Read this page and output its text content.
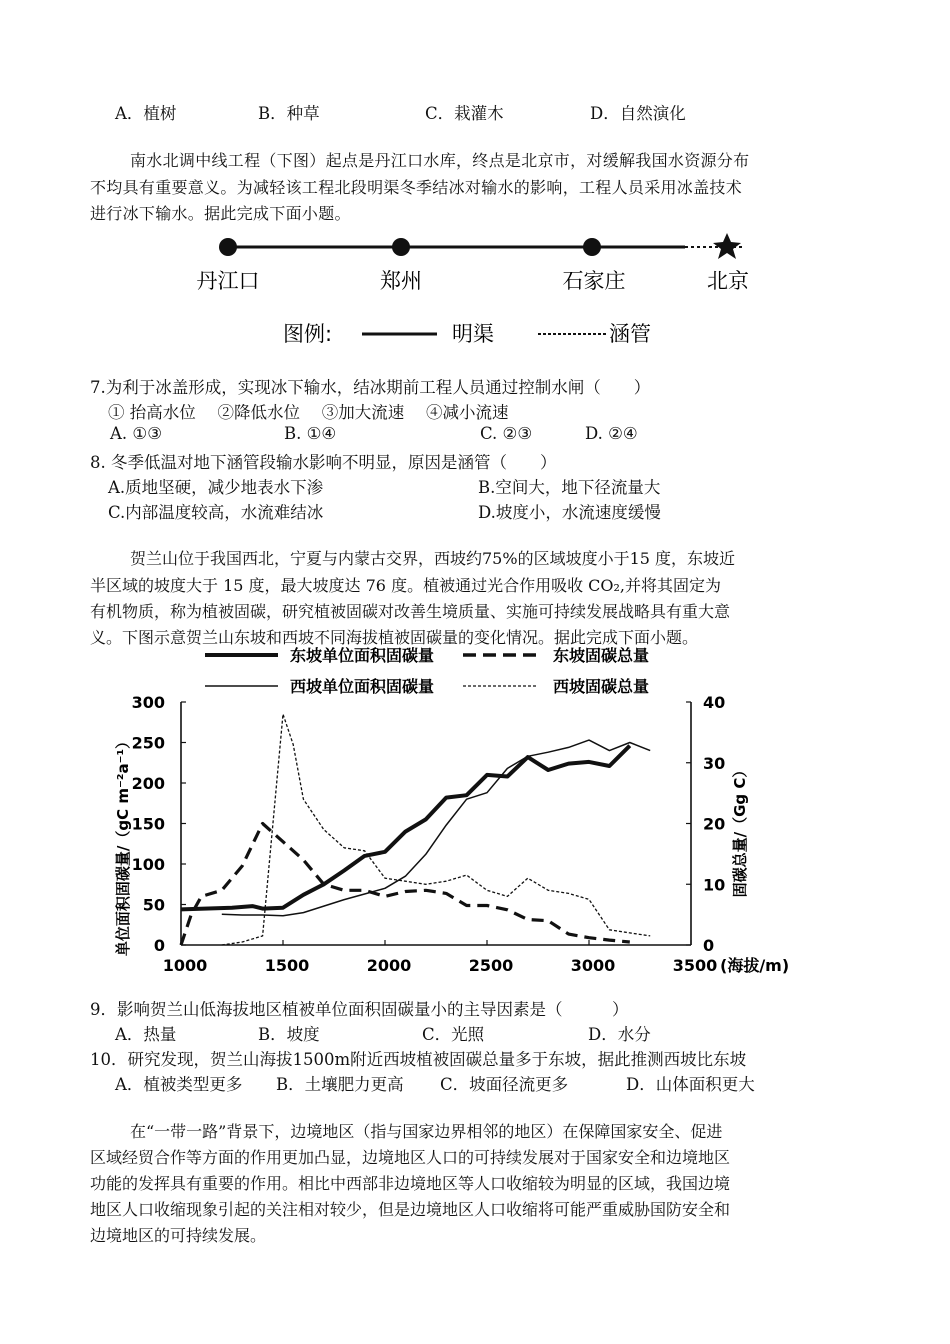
A．植树	B．种草	C．栽灌木	D．自然演化
南水北调中线工程（下图）起点是丹江口水库，终点是北京市，对缓解我国水资源分布
不均具有重要意义。为减轻该工程北段明渠冬季结冰对输水的影响，工程人员采用冰盖技术
进行冰下输水。据此完成下面小题。
丹江口	郑州	石家庄	北京
图例:	明渠	涵管
7.为利于冰盖形成，实现冰下输水，结冰期前工程人员通过控制水闸（　　）
① 抬高水位　 ②降低水位　 ③加大流速　 ④减小流速
A. ①③	B. ①④	C. ②③	D. ②④
8. 冬季低温对地下涵管段输水影响不明显，原因是涵管（　　）
A.质地坚硬，减少地表水下渗	B.空间大，地下径流量大
C.内部温度较高，水流难结冰	D.坡度小，水流速度缓慢
贺兰山位于我国西北，宁夏与内蒙古交界，西坡约75%的区域坡度小于15 度，东坡近
半区域的坡度大于 15 度，最大坡度达 76 度。植被通过光合作用吸收 CO₂,并将其固定为
有机物质，称为植被固碳，研究植被固碳对改善生境质量、实施可持续发展战略具有重大意
义。下图示意贺兰山东坡和西坡不同海拔植被固碳量的变化情况。据此完成下面小题。
东坡单位面积固碳量	东坡固碳总量
西坡单位面积固碳量	西坡固碳总量
0
50
100
150
200
250
300
0
10
20
30
40
1000	1500	2000	2500	3000	3500
单位面积固碳量/（gC m⁻²a⁻¹）	固碳总量/（Gg C）
(海拔/m)
9．影响贺兰山低海拔地区植被单位面积固碳量小的主导因素是（　　　）
A．热量	B．坡度	C．光照	D．水分
10．研究发现，贺兰山海拔1500m附近西坡植被固碳总量多于东坡，据此推测西坡比东坡
A．植被类型更多 B．土壤肥力更高 C．坡面径流更多	D．山体面积更大
在“一带一路”背景下，边境地区（指与国家边界相邻的地区）在保障国家安全、促进
区域经贸合作等方面的作用更加凸显，边境地区人口的可持续发展对于国家安全和边境地区
功能的发挥具有重要的作用。相比中西部非边境地区等人口收缩较为明显的区域，我国边境
地区人口收缩现象引起的关注相对较少，但是边境地区人口收缩将可能严重威胁国防安全和
边境地区的可持续发展。
